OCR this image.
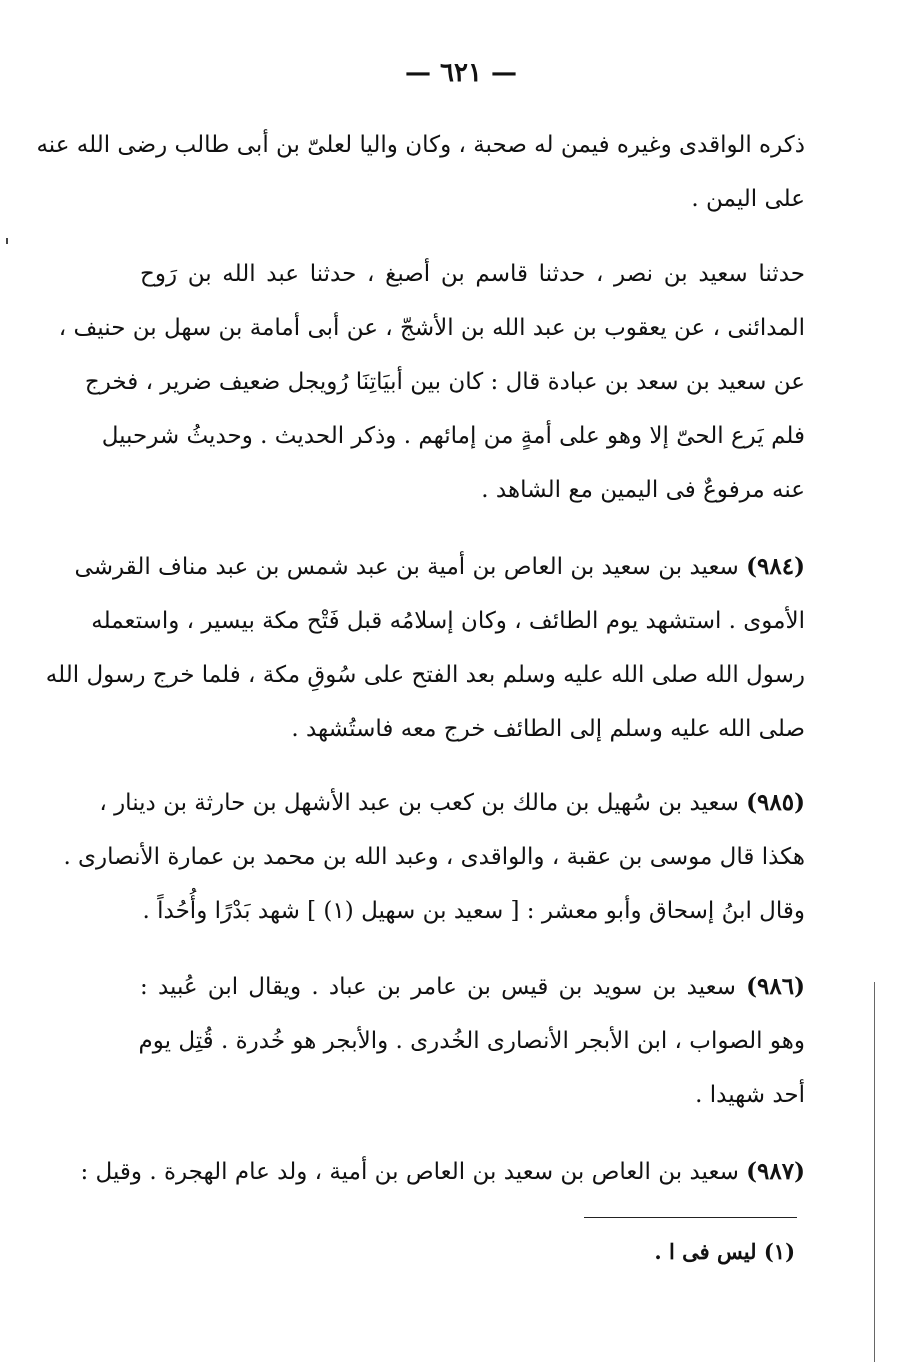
— ٦٢١ —
ذكره الواقدى وغيره فيمن له صحبة ، وكان واليا لعلىّ بن أبى طالب رضى الله عنه
على اليمن .
حدثنا سعيد بن نصر ، حدثنا قاسم بن أصبغ ، حدثنا عبد الله بن رَوح
المدائنى ، عن يعقوب بن عبد الله بن الأشجّ ، عن أبى أمامة بن سهل بن حنيف ،
عن سعيد بن سعد بن عبادة قال : كان بين أبيَاتِنَا رُويجل ضعيف ضرير ، فخرج
فلم يَرع الحىّ إلا وهو على أمةٍ من إمائهم . وذكر الحديث . وحديثُ شرحبيل
عنه مرفوعٌ فى اليمين مع الشاهد .
(٩٨٤) سعيد بن سعيد بن العاص بن أمية بن عبد شمس بن عبد مناف القرشى
الأموى . استشهد يوم الطائف ، وكان إسلامُه قبل فَتْح مكة بيسير ، واستعمله
رسول الله صلى الله عليه وسلم بعد الفتح على سُوقِ مكة ، فلما خرج رسول الله
صلى الله عليه وسلم إلى الطائف خرج معه فاستُشهد .
(٩٨٥) سعيد بن سُهيل بن مالك بن كعب بن عبد الأشهل بن حارثة بن دينار ،
هكذا قال موسى بن عقبة ، والواقدى ، وعبد الله بن محمد بن عمارة الأنصارى .
وقال ابنُ إسحاق وأبو معشر : [ سعيد بن سهيل (١) ] شهد بَدْرًا وأُحُداً .
(٩٨٦) سعيد بن سويد بن قيس بن عامر بن عباد . ويقال ابن عُبيد :
وهو الصواب ، ابن الأبجر الأنصارى الخُدرى . والأبجر هو خُدرة . قُتِل يوم
أحد شهيدا .
(٩٨٧) سعيد بن العاص بن سعيد بن العاص بن أمية ، ولد عام الهجرة . وقيل :
(١) ليس فى ا .
